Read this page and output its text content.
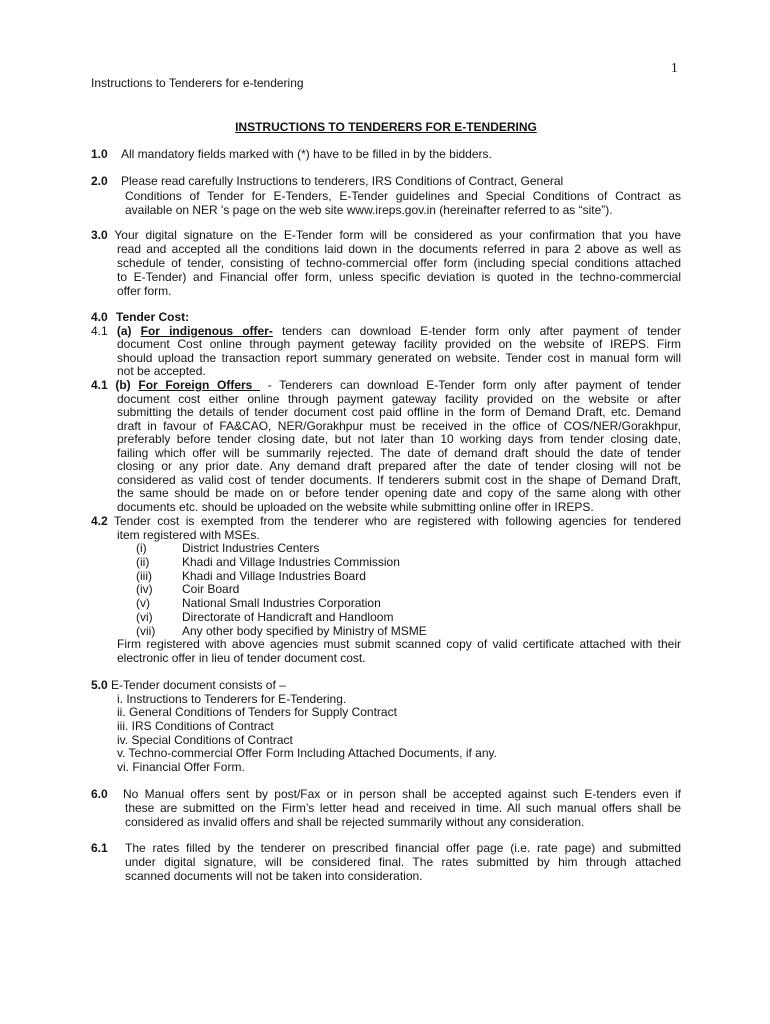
1
Instructions to Tenderers for e-tendering
INSTRUCTIONS TO TENDERERS FOR E-TENDERING
1.0 All mandatory fields marked with (*) have to be filled in by the bidders.
2.0 Please read carefully Instructions to tenderers, IRS Conditions of Contract, General
Conditions of Tender for E-Tenders, E-Tender guidelines and Special Conditions of Contract as
available on NER 's page on the web site www.ireps.gov.in (hereinafter referred to as “site”).
3.0 Your digital signature on the E-Tender form will be considered as your confirmation that you have
read and accepted all the conditions laid down in the documents referred in para 2 above as well as
schedule of tender, consisting of techno-commercial offer form (including special conditions attached
to E-Tender) and Financial offer form, unless specific deviation is quoted in the techno-commercial
offer form.
4.0 Tender Cost:
4.1 (a) For indigenous offer- tenders can download E-tender form only after payment of tender
document Cost online through payment geteway facility provided on the website of IREPS. Firm
should upload the transaction report summary generated on website. Tender cost in manual form will
not be accepted.
4.1 (b) For Foreign Offers - Tenderers can download E-Tender form only after payment of tender
document cost either online through payment gateway facility provided on the website or after
submitting the details of tender document cost paid offline in the form of Demand Draft, etc. Demand
draft in favour of FA&CAO, NER/Gorakhpur must be received in the office of COS/NER/Gorakhpur,
preferably before tender closing date, but not later than 10 working days from tender closing date,
failing which offer will be summarily rejected. The date of demand draft should the date of tender
closing or any prior date. Any demand draft prepared after the date of tender closing will not be
considered as valid cost of tender documents. If tenderers submit cost in the shape of Demand Draft,
the same should be made on or before tender opening date and copy of the same along with other
documents etc. should be uploaded on the website while submitting online offer in IREPS.
4.2 Tender cost is exempted from the tenderer who are registered with following agencies for tendered
item registered with MSEs.
(i)	District Industries Centers
(ii)	Khadi and Village Industries Commission
(iii)	Khadi and Village Industries Board
(iv) Coir Board
(v)	National Small Industries Corporation
(vi) Directorate of Handicraft and Handloom
(vii) Any other body specified by Ministry of MSME
Firm registered with above agencies must submit scanned copy of valid certificate attached with their
electronic offer in lieu of tender document cost.
5.0 E-Tender document consists of –
i. Instructions to Tenderers for E-Tendering.
ii. General Conditions of Tenders for Supply Contract
iii. IRS Conditions of Contract
iv. Special Conditions of Contract
v. Techno-commercial Offer Form Including Attached Documents, if any.
vi. Financial Offer Form.
6.0 No Manual offers sent by post/Fax or in person shall be accepted against such E-tenders even if
these are submitted on the Firm’s letter head and received in time. All such manual offers shall be
considered as invalid offers and shall be rejected summarily without any consideration.
6.1 The rates filled by the tenderer on prescribed financial offer page (i.e. rate page) and submitted
under digital signature, will be considered final. The rates submitted by him through attached
scanned documents will not be taken into consideration.
